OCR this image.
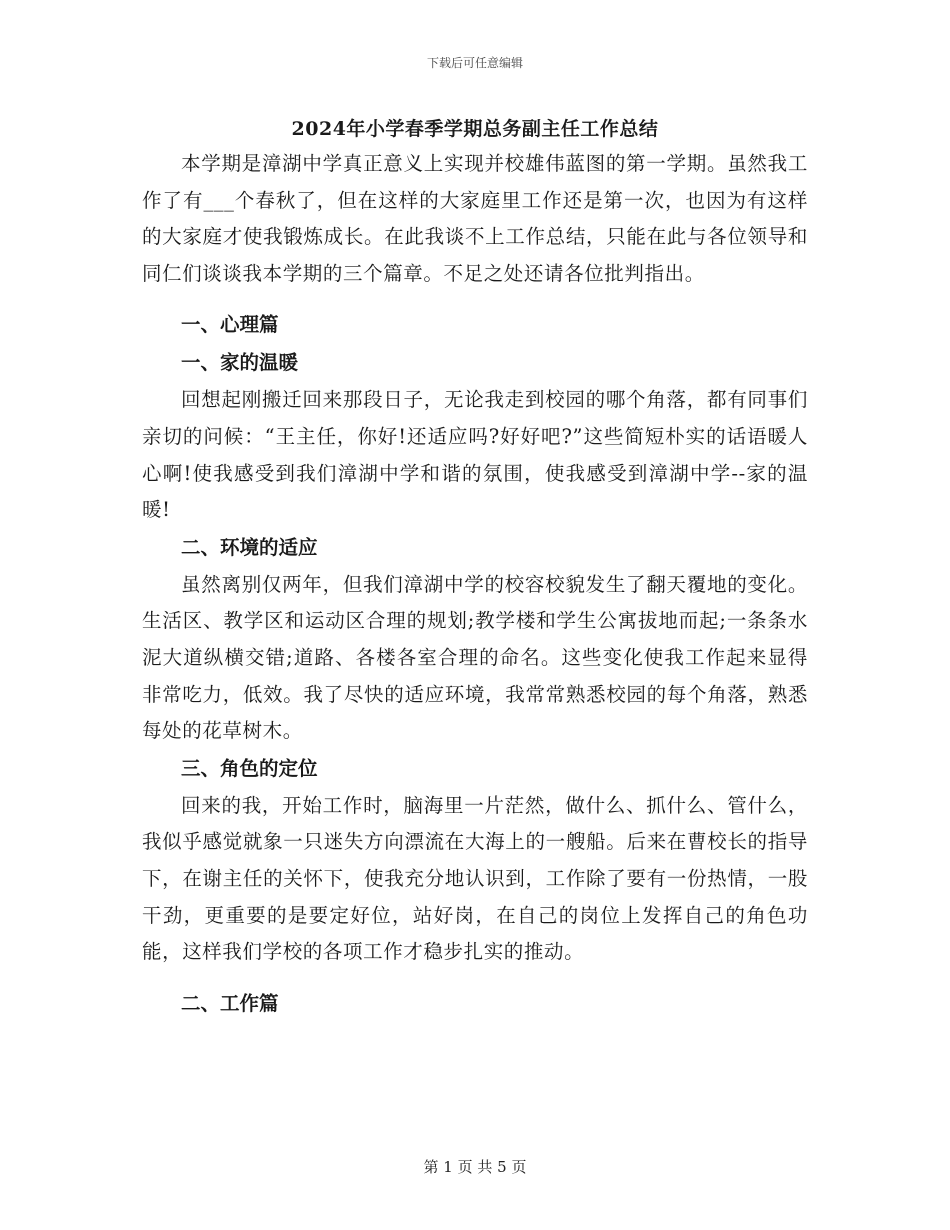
下载后可任意编辑
2024年小学春季学期总务副主任工作总结

本学期是漳湖中学真正意义上实现并校雄伟蓝图的第一学期。虽然我工作了有___个春秋了，但在这样的大家庭里工作还是第一次，也因为有这样的大家庭才使我锻炼成长。在此我谈不上工作总结，只能在此与各位领导和同仁们谈谈我本学期的三个篇章。不足之处还请各位批判指出。

一、心理篇
一、家的温暖

回想起刚搬迁回来那段日子，无论我走到校园的哪个角落，都有同事们亲切的问候：“王主任，你好!还适应吗?好好吧?”这些简短朴实的话语暖人心啊!使我感受到我们漳湖中学和谐的氛围，使我感受到漳湖中学--家的温暖!

二、环境的适应

虽然离别仅两年，但我们漳湖中学的校容校貌发生了翻天覆地的变化。生活区、教学区和运动区合理的规划;教学楼和学生公寓拔地而起;一条条水泥大道纵横交错;道路、各楼各室合理的命名。这些变化使我工作起来显得非常吃力，低效。我了尽快的适应环境，我常常熟悉校园的每个角落，熟悉每处的花草树木。

三、角色的定位

回来的我，开始工作时，脑海里一片茫然，做什么、抓什么、管什么，我似乎感觉就象一只迷失方向漂流在大海上的一艘船。后来在曹校长的指导下，在谢主任的关怀下，使我充分地认识到，工作除了要有一份热情，一股干劲，更重要的是要定好位，站好岗，在自己的岗位上发挥自己的角色功能，这样我们学校的各项工作才稳步扎实的推动。

二、工作篇
第 1 页 共 5 页
